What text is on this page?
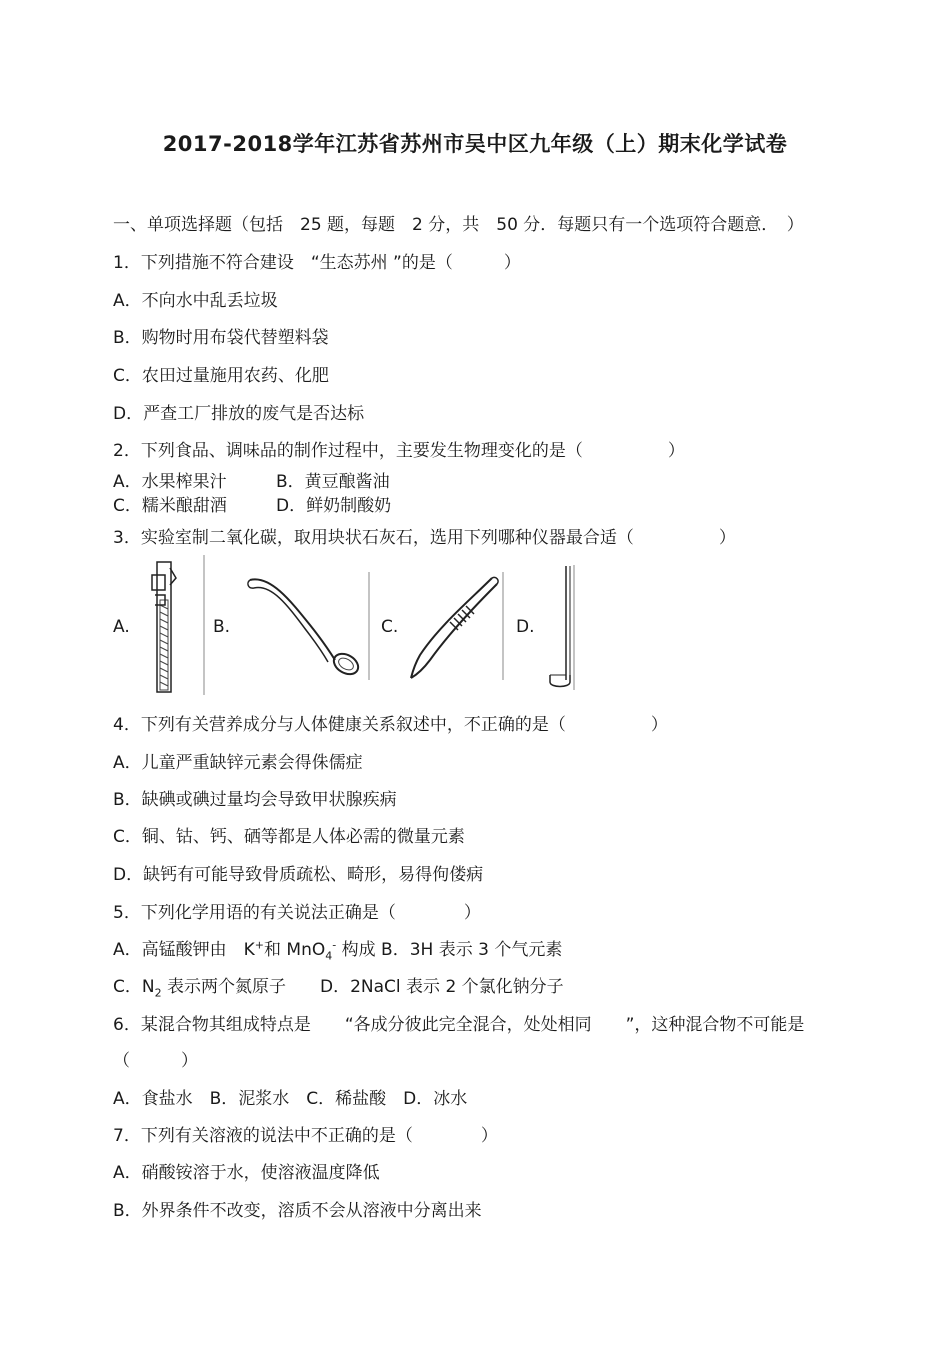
2017-2018学年江苏省苏州市吴中区九年级（上）期末化学试卷
一、单项选择题（包括　25 题，每题　2 分，共　50 分．每题只有一个选项符合题意．　）
1．下列措施不符合建设　“生态苏州 ”的是（　　　）
A．不向水中乱丢垃圾
B．购物时用布袋代替塑料袋
C．农田过量施用农药、化肥
D．严查工厂排放的废气是否达标
2．下列食品、调味品的制作过程中，主要发生物理变化的是（　　　　　）
A．水果榨果汁	B．黄豆酿酱油
C．糯米酿甜酒	D．鲜奶制酸奶
3．实验室制二氧化碳，取用块状石灰石，选用下列哪种仪器最合适（　　　　　）
A.	B.	C.	D.
4．下列有关营养成分与人体健康关系叙述中，不正确的是（　　　　　）
A．儿童严重缺锌元素会得侏儒症
B．缺碘或碘过量均会导致甲状腺疾病
C．铜、钴、钙、硒等都是人体必需的微量元素
D．缺钙有可能导致骨质疏松、畸形，易得佝偻病
5．下列化学用语的有关说法正确是（　　　　）
A．高锰酸钾由　K+和 MnO$_4$- 构成 B．3H 表示 3 个气元素
C．$N_2$ 表示两个氮原子　　D．2NaCl 表示 2 个氯化钠分子
6．某混合物其组成特点是　　“各成分彼此完全混合，处处相同　　”，这种混合物不可能是
（　　　）
A．食盐水　B．泥浆水　C．稀盐酸　D．冰水
7．下列有关溶液的说法中不正确的是（　　　　）
A．硝酸铵溶于水，使溶液温度降低
B．外界条件不改变，溶质不会从溶液中分离出来
